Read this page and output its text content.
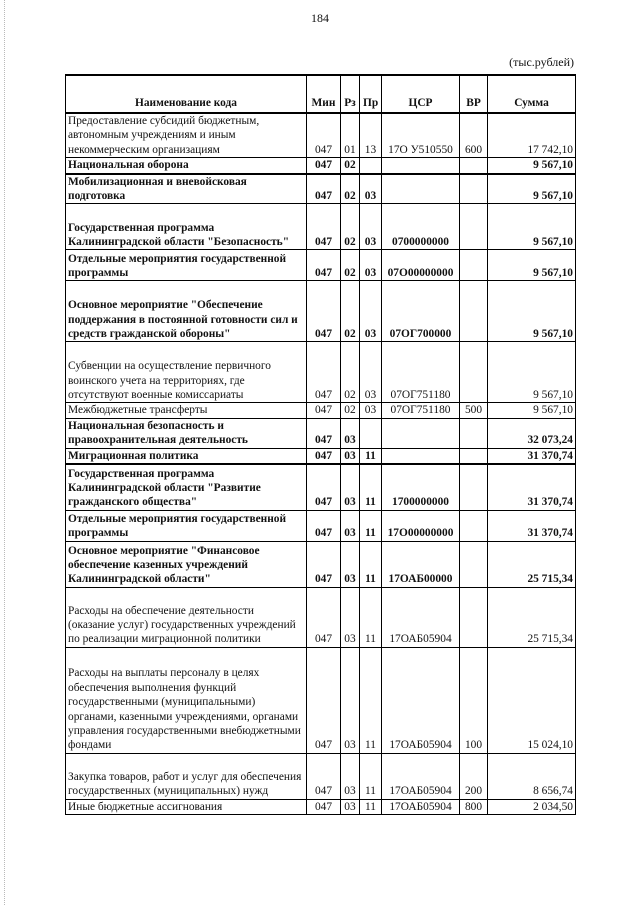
184
(тыс.рублей)
Наименование кода	Мин	Рз	Пр	ЦСР	ВР	Сумма
Предоставление субсидий бюджетным, автономным учреждениям и иным некоммерческим организациям	047	01	13	17О У510550	600	17 742,10
Национальная оборона	047	02				9 567,10
Мобилизационная и вневойсковая подготовка	047	02	03			9 567,10
Государственная программа Калининградской области "Безопасность"	047	02	03	0700000000		9 567,10
Отдельные мероприятия государственной программы	047	02	03	07О00000000		9 567,10
Основное мероприятие "Обеспечение поддержания в постоянной готовности сил и средств гражданской обороны"	047	02	03	07ОГ700000		9 567,10
Субвенции на осуществление первичного воинского учета на территориях, где отсутствуют военные комиссариаты	047	02	03	07ОГ751180		9 567,10
Межбюджетные трансферты	047	02	03	07ОГ751180	500	9 567,10
Национальная безопасность и правоохранительная деятельность	047	03				32 073,24
Миграционная политика	047	03	11			31 370,74
Государственная программа Калининградской области "Развитие гражданского общества"	047	03	11	1700000000		31 370,74
Отдельные мероприятия государственной программы	047	03	11	17О00000000		31 370,74
Основное мероприятие "Финансовое обеспечение казенных учреждений Калининградской области"	047	03	11	17ОАБ00000		25 715,34
Расходы на обеспечение деятельности (оказание услуг) государственных учреждений по реализации миграционной политики	047	03	11	17ОАБ05904		25 715,34
Расходы на выплаты персоналу в целях обеспечения выполнения функций государственными (муниципальными) органами, казенными учреждениями, органами управления государственными внебюджетными фондами	047	03	11	17ОАБ05904	100	15 024,10
Закупка товаров, работ и услуг для обеспечения государственных (муниципальных) нужд	047	03	11	17ОАБ05904	200	8 656,74
Иные бюджетные ассигнования	047	03	11	17ОАБ05904	800	2 034,50
